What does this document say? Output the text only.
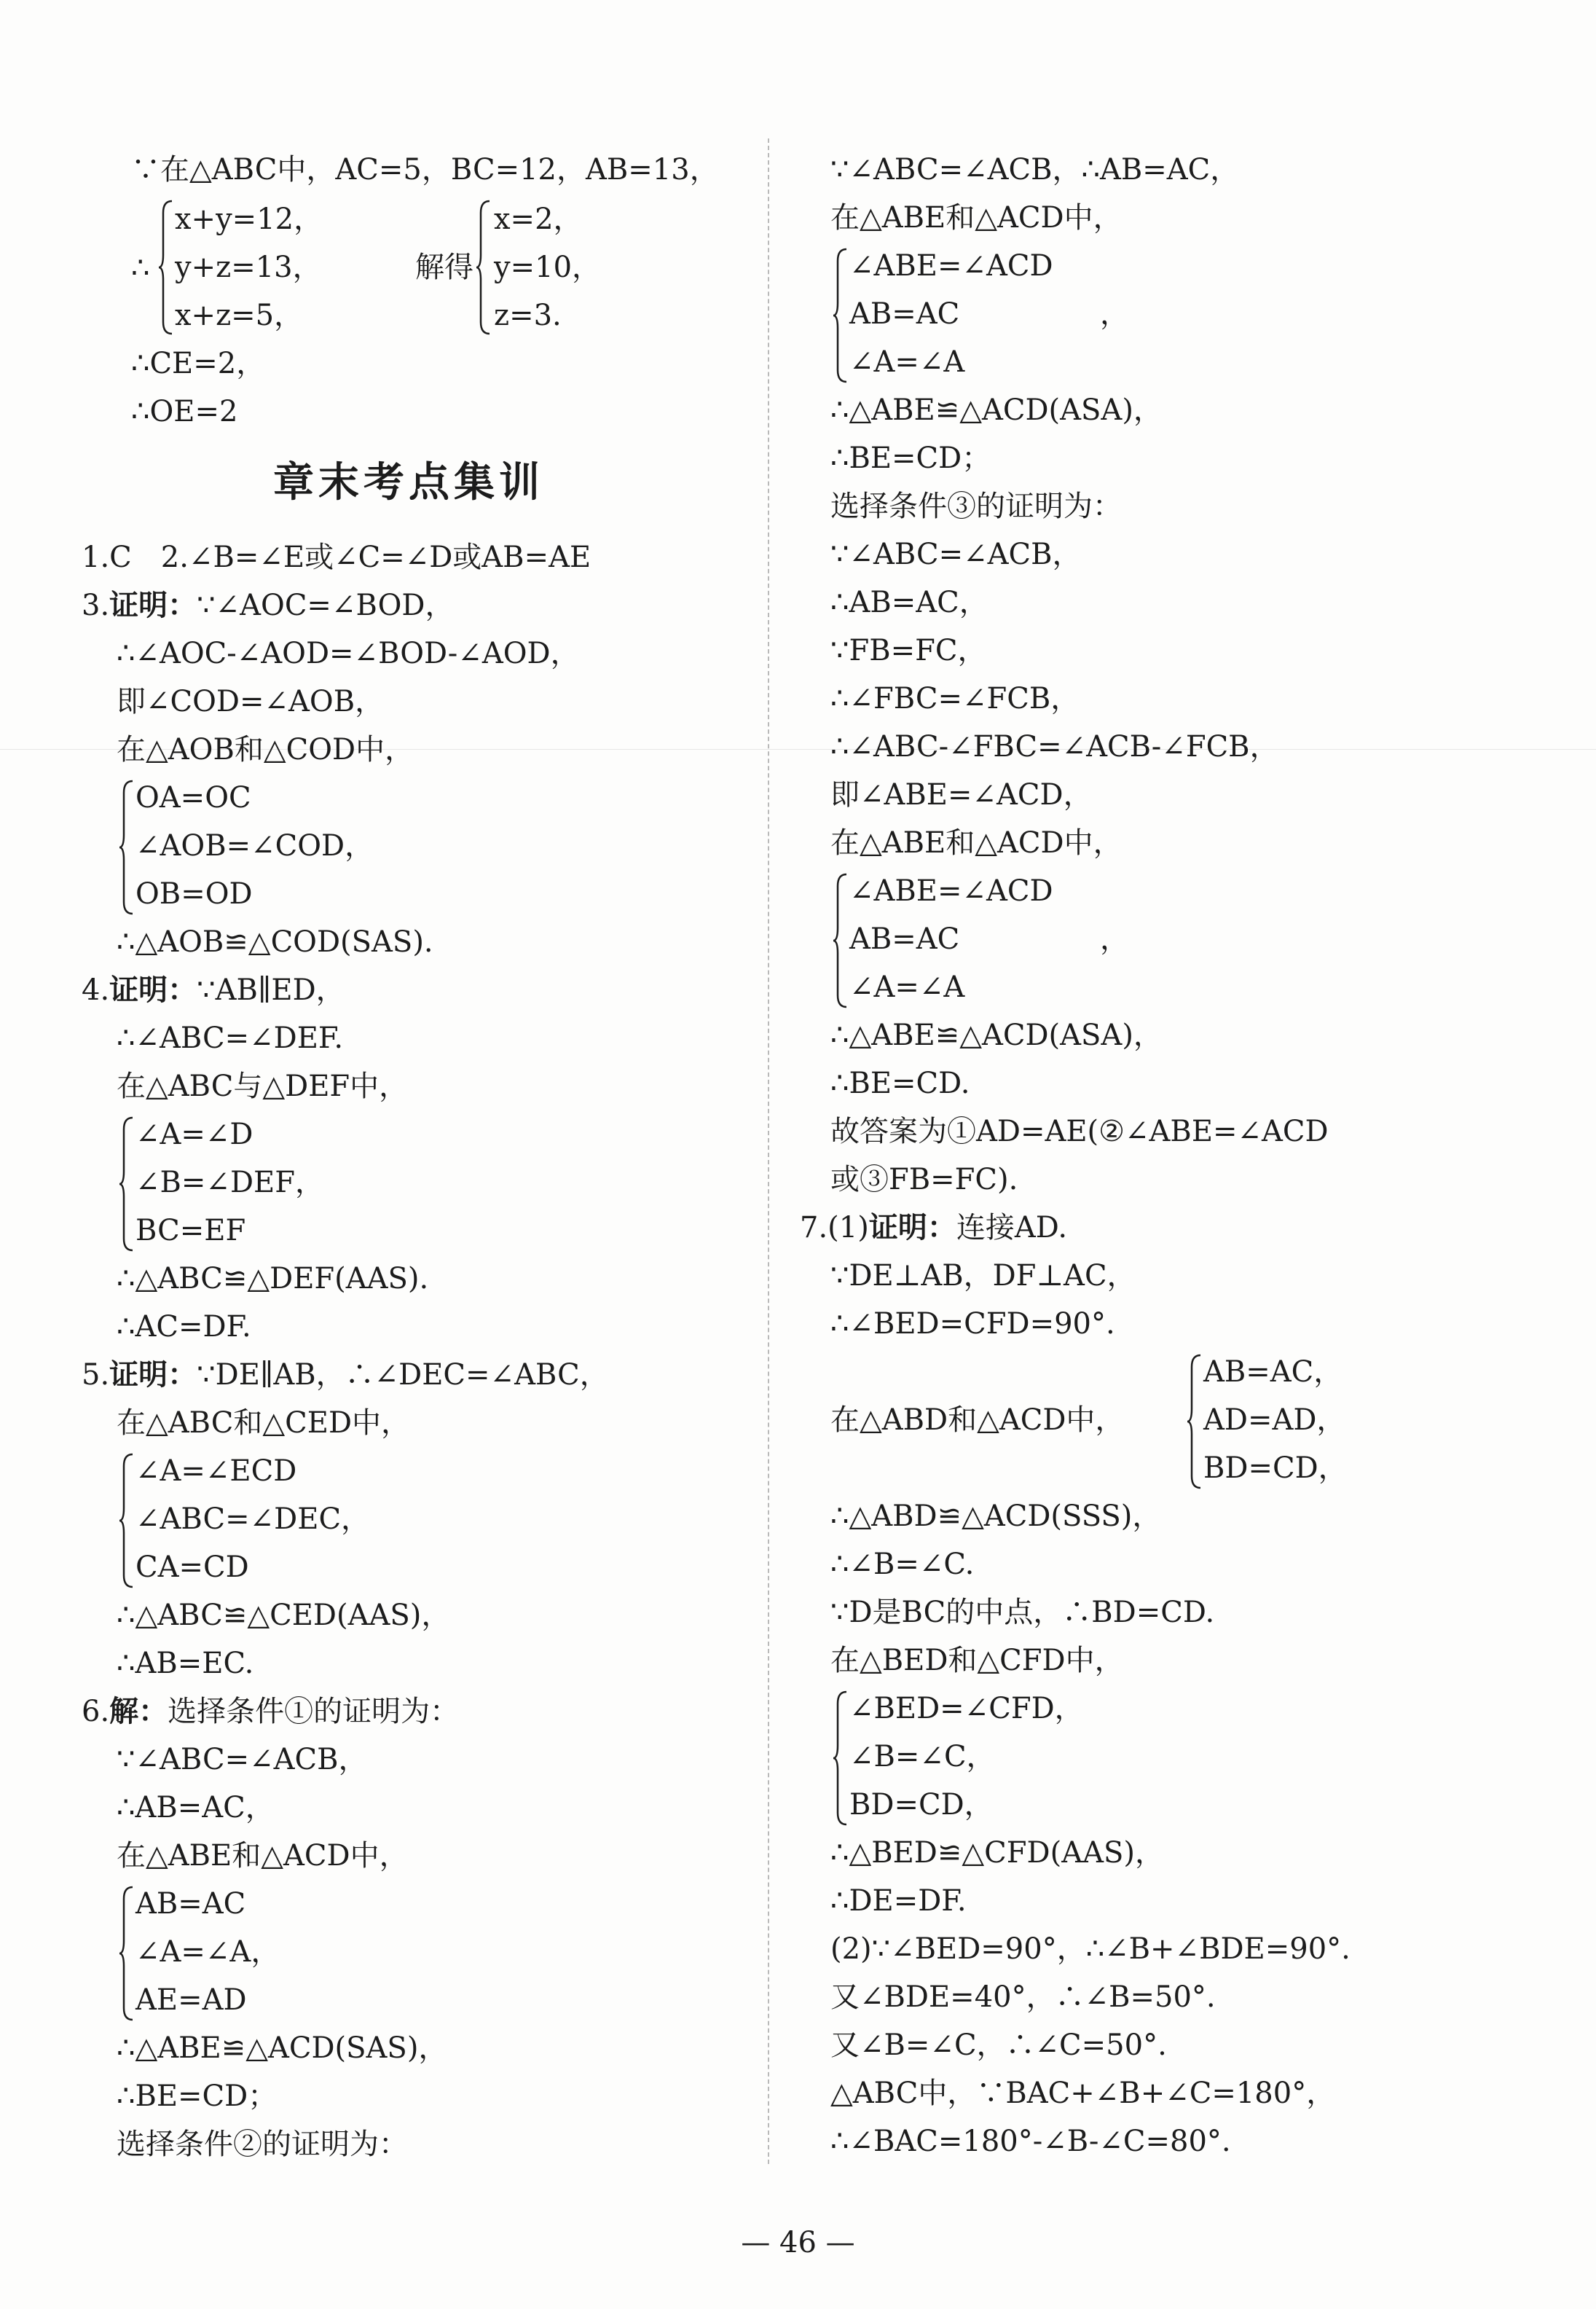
∵在△ABC中，AC=5，BC=12，AB=13，
∴
x+y=12，
y+z=13，
x+z=5，
解得
x=2，
y=10，
z=3.
∴CE=2，
∴OE=2
章末考点集训
1.C　2.∠B=∠E或∠C=∠D或AB=AE
3.证明：∵∠AOC=∠BOD，
∴∠AOC-∠AOD=∠BOD-∠AOD，
即∠COD=∠AOB，
在△AOB和△COD中，
OA=OC
∠AOB=∠COD，
OB=OD
∴△AOB≌△COD(SAS).
4.证明：∵AB∥ED，
∴∠ABC=∠DEF.
在△ABC与△DEF中，
∠A=∠D
∠B=∠DEF，
BC=EF
∴△ABC≌△DEF(AAS).
∴AC=DF.
5.证明：∵DE∥AB，∴∠DEC=∠ABC，
在△ABC和△CED中，
∠A=∠ECD
∠ABC=∠DEC，
CA=CD
∴△ABC≌△CED(AAS)，
∴AB=EC.
6.解：选择条件①的证明为：
∵∠ABC=∠ACB，
∴AB=AC，
在△ABE和△ACD中，
AB=AC
∠A=∠A，
AE=AD
∴△ABE≌△ACD(SAS)，
∴BE=CD；
选择条件②的证明为：
∵∠ABC=∠ACB，∴AB=AC，
在△ABE和△ACD中，
∠ABE=∠ACD
AB=AC
∠A=∠A
，
∴△ABE≌△ACD(ASA)，
∴BE=CD；
选择条件③的证明为：
∵∠ABC=∠ACB，
∴AB=AC，
∵FB=FC，
∴∠FBC=∠FCB，
∴∠ABC-∠FBC=∠ACB-∠FCB，
即∠ABE=∠ACD，
在△ABE和△ACD中，
∠ABE=∠ACD
AB=AC
∠A=∠A
，
∴△ABE≌△ACD(ASA)，
∴BE=CD.
故答案为①AD=AE(②∠ABE=∠ACD
或③FB=FC).
7.(1)证明：连接AD.
∵DE⊥AB，DF⊥AC，
∴∠BED=CFD=90°.
在△ABD和△ACD中，
AB=AC，
AD=AD，
BD=CD，
∴△ABD≌△ACD(SSS)，
∴∠B=∠C.
∵D是BC的中点，∴BD=CD.
在△BED和△CFD中，
∠BED=∠CFD，
∠B=∠C，
BD=CD，
∴△BED≌△CFD(AAS)，
∴DE=DF.
(2)∵∠BED=90°，∴∠B+∠BDE=90°.
又∠BDE=40°，∴∠B=50°.
又∠B=∠C，∴∠C=50°.
△ABC中，∵BAC+∠B+∠C=180°，
∴∠BAC=180°-∠B-∠C=80°.
— 46 —
